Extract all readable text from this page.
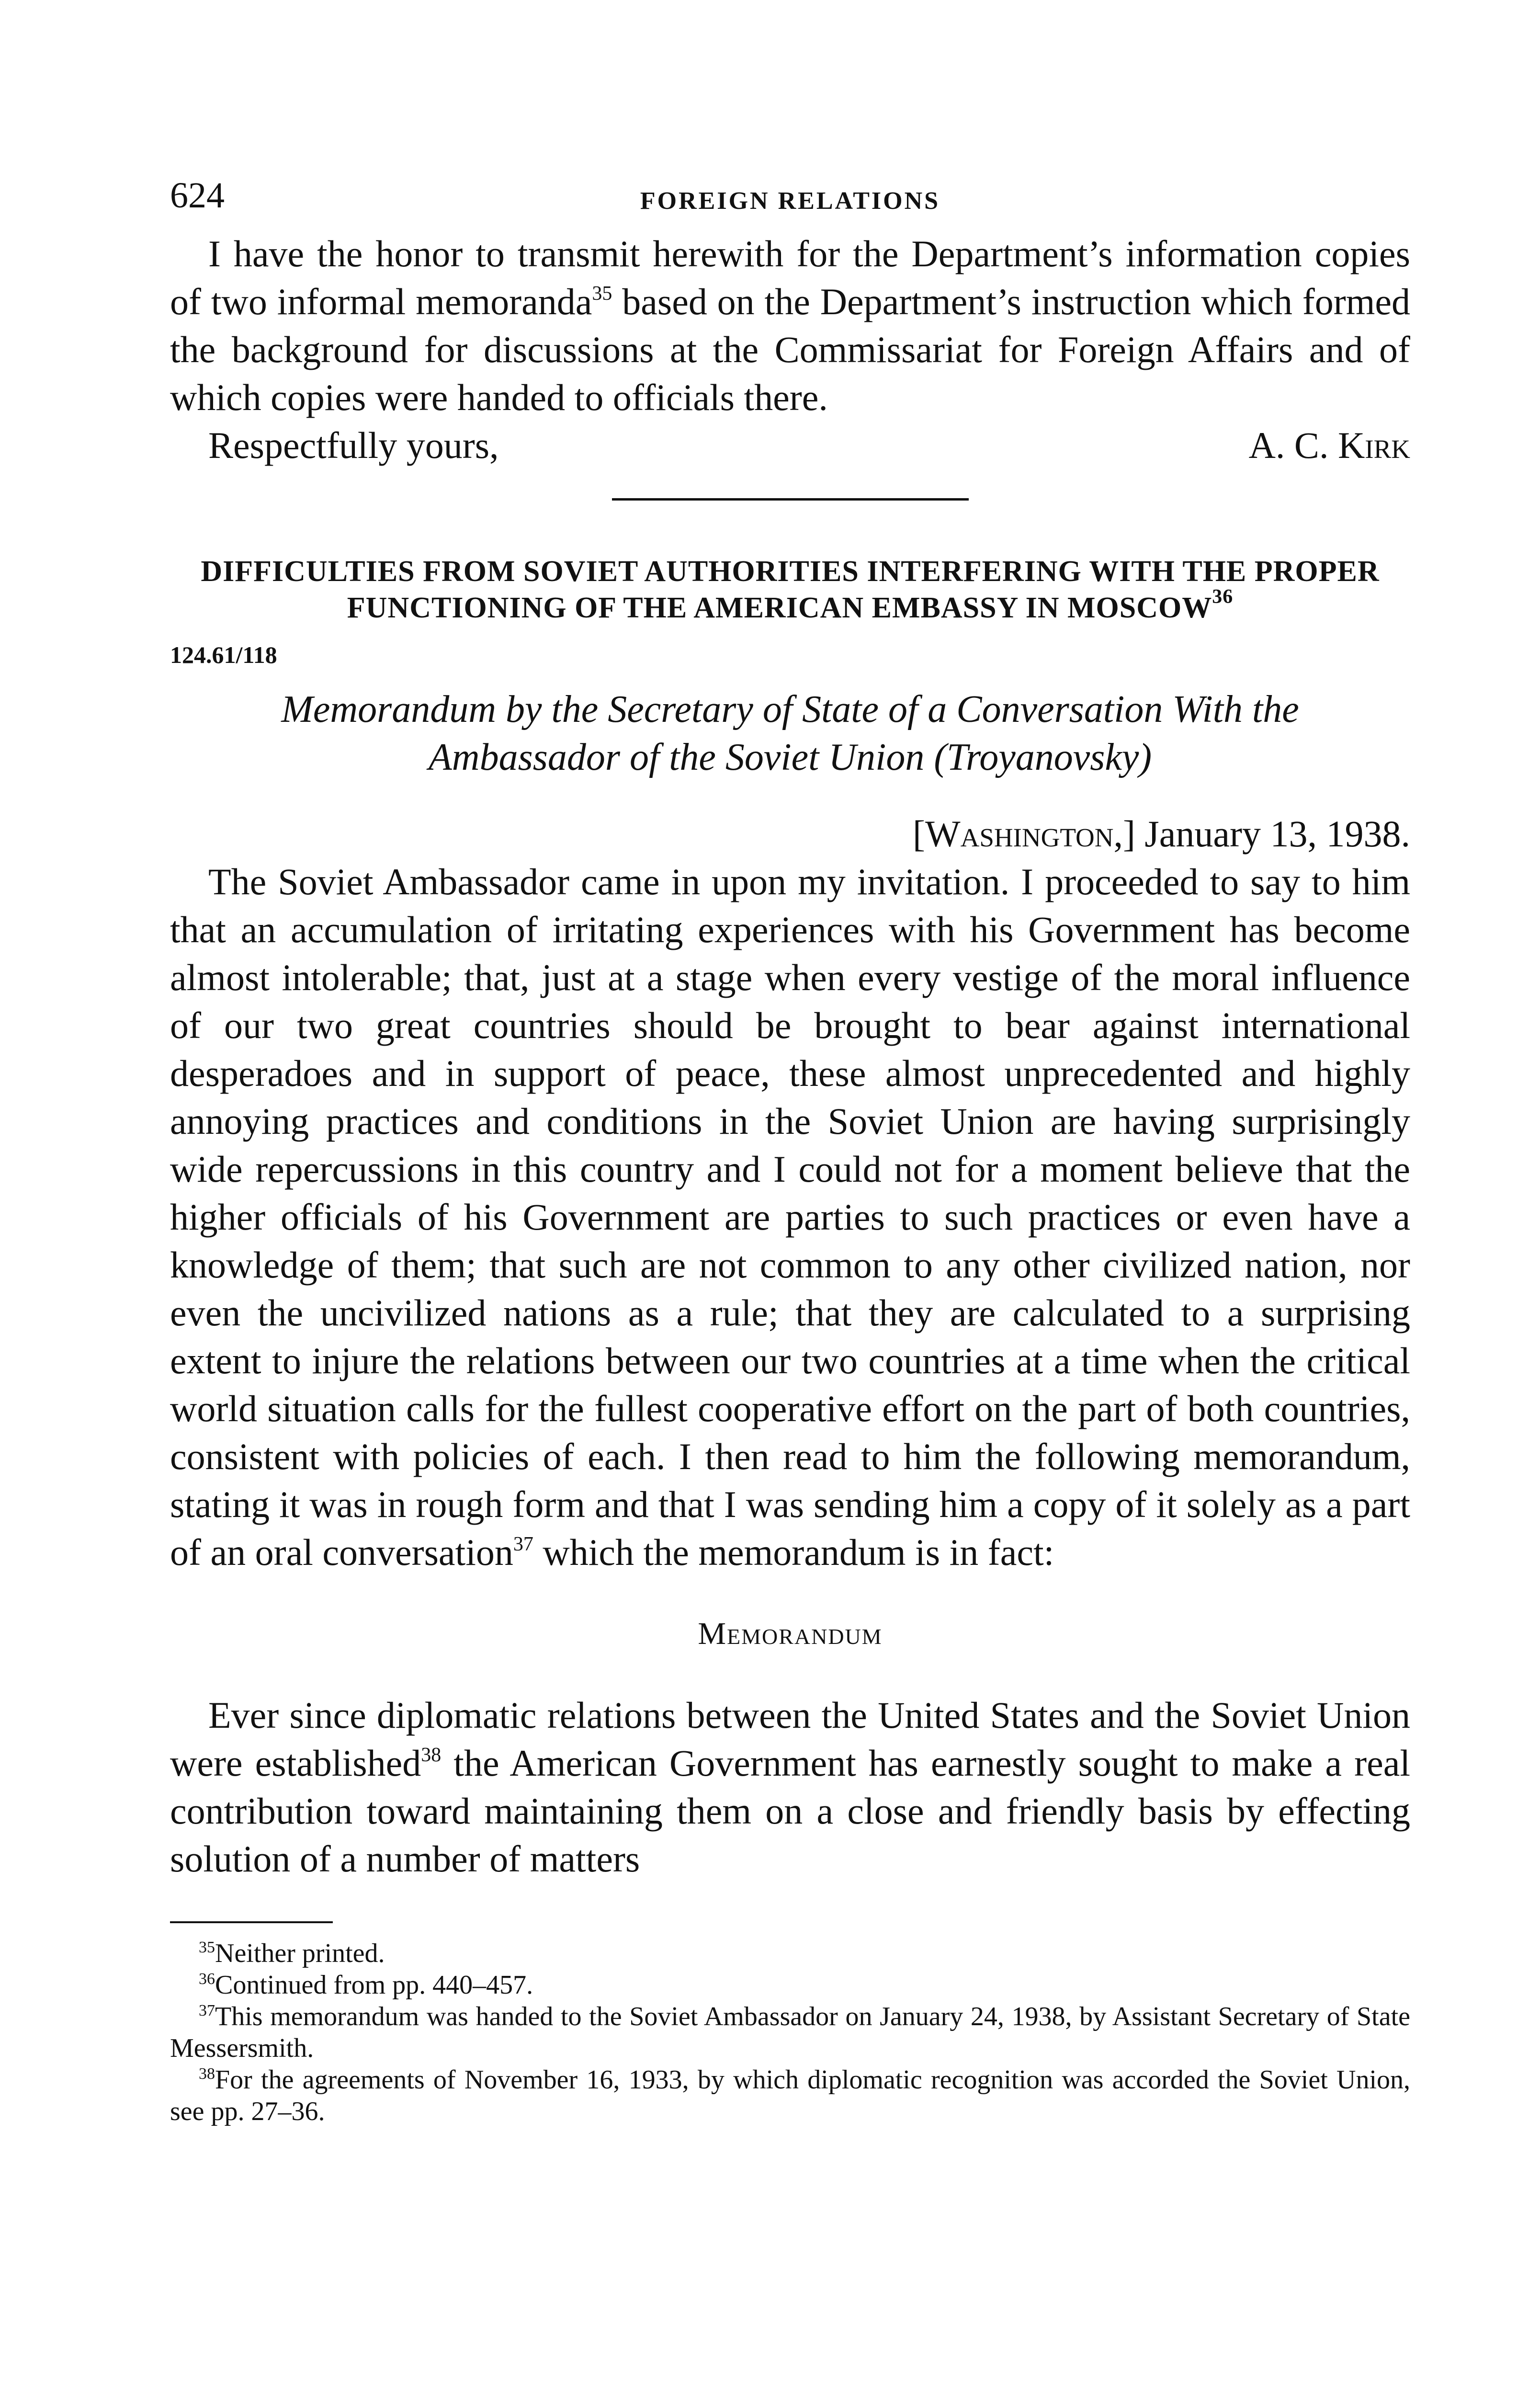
624	FOREIGN RELATIONS

I have the honor to transmit herewith for the Department’s information copies of two informal memoranda$^{35}$ based on the Department’s instruction which formed the background for discussions at the Commissariat for Foreign Affairs and of which copies were handed to officials there.

Respectfully yours,	A. C. Kirk

DIFFICULTIES FROM SOVIET AUTHORITIES INTERFERING WITH THE PROPER FUNCTIONING OF THE AMERICAN EMBASSY IN MOSCOW$^{36}$

124.61/118
Memorandum by the Secretary of State of a Conversation With the
Ambassador of the Soviet Union (Troyanovsky)

[Washington,] January 13, 1938.

The Soviet Ambassador came in upon my invitation. I proceeded to say to him that an accumulation of irritating experiences with his Government has become almost intolerable; that, just at a stage when every vestige of the moral influence of our two great countries should be brought to bear against international desperadoes and in support of peace, these almost unprecedented and highly annoying practices and conditions in the Soviet Union are having surprisingly wide repercussions in this country and I could not for a moment believe that the higher officials of his Government are parties to such practices or even have a knowledge of them; that such are not common to any other civilized nation, nor even the uncivilized nations as a rule; that they are calculated to a surprising extent to injure the relations between our two countries at a time when the critical world situation calls for the fullest cooperative effort on the part of both countries, consistent with policies of each. I then read to him the following memorandum, stating it was in rough form and that I was sending him a copy of it solely as a part of an oral conversation$^{37}$ which the memorandum is in fact:

Memorandum

Ever since diplomatic relations between the United States and the Soviet Union were established$^{38}$ the American Government has earnestly sought to make a real contribution toward maintaining them on a close and friendly basis by effecting solution of a number of matters

$^{35}$Neither printed.

$^{36}$Continued from pp. 440–457.

$^{37}$This memorandum was handed to the Soviet Ambassador on January 24, 1938, by Assistant Secretary of State Messersmith.

$^{38}$For the agreements of November 16, 1933, by which diplomatic recognition was accorded the Soviet Union, see pp. 27–36.
